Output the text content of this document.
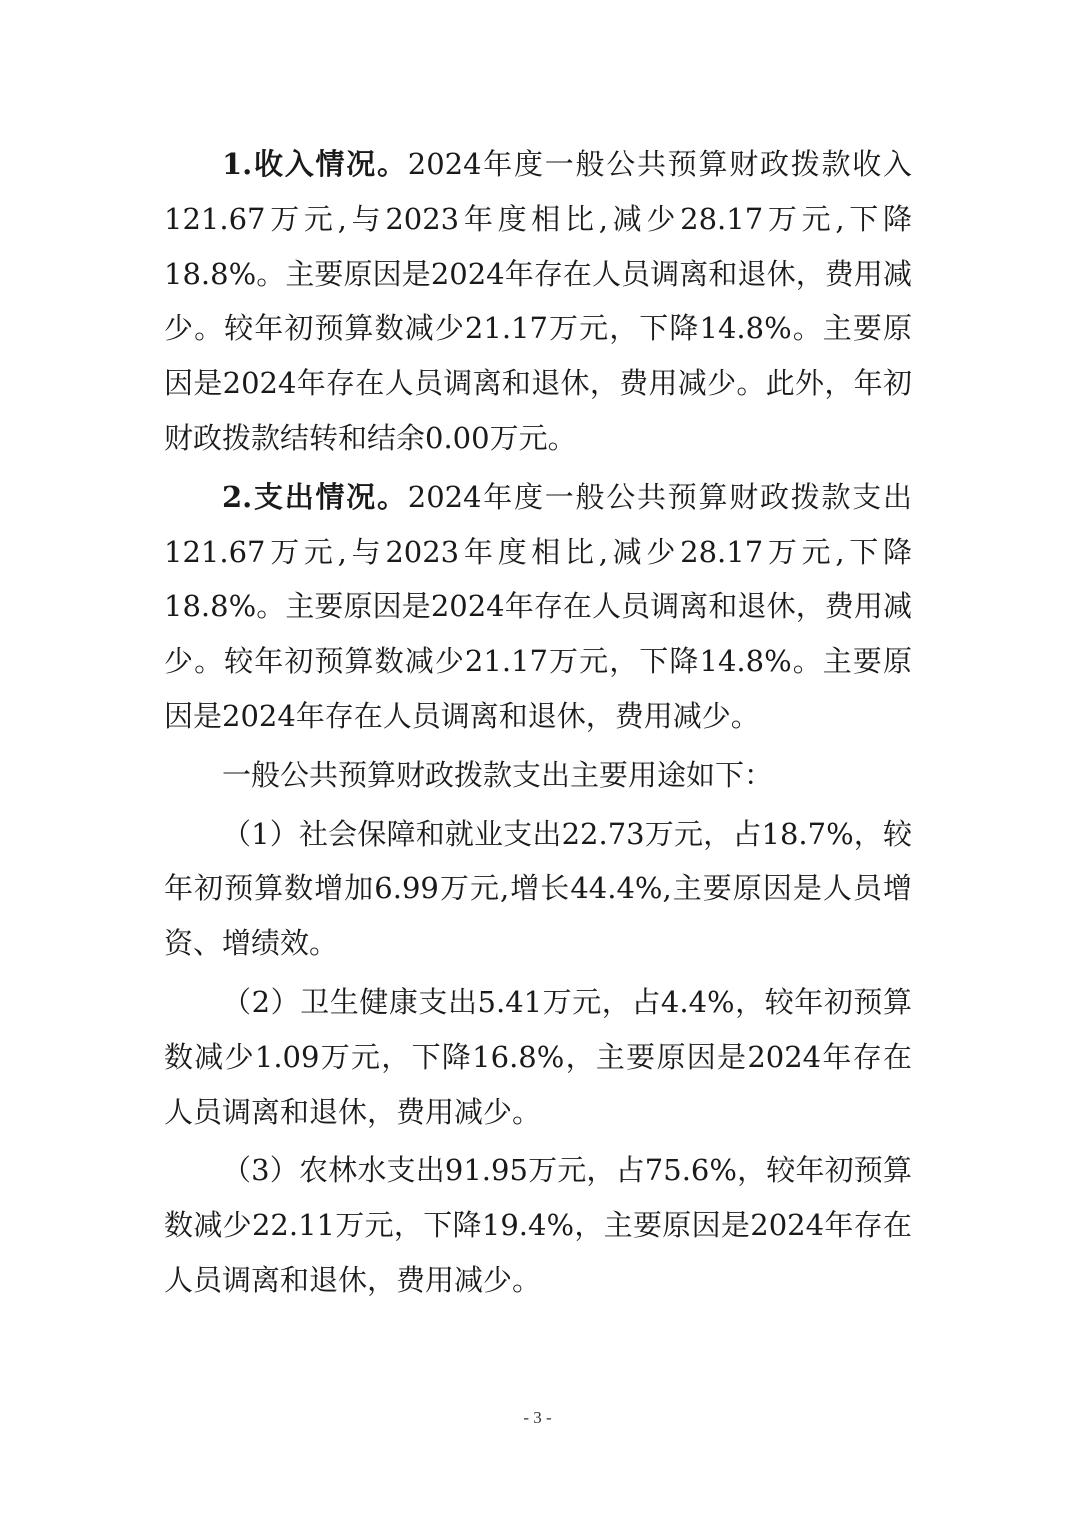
1.收入情况。2024年度一般公共预算财政拨款收入121.67万元,与2023年度相比,减少28.17万元,下降18.8%。主要原因是2024年存在人员调离和退休，费用减少。较年初预算数减少21.17万元，下降14.8%。主要原因是2024年存在人员调离和退休，费用减少。此外，年初财政拨款结转和结余0.00万元。

2.支出情况。2024年度一般公共预算财政拨款支出121.67万元,与2023年度相比,减少28.17万元,下降18.8%。主要原因是2024年存在人员调离和退休，费用减少。较年初预算数减少21.17万元，下降14.8%。主要原因是2024年存在人员调离和退休，费用减少。

一般公共预算财政拨款支出主要用途如下：

（1）社会保障和就业支出22.73万元，占18.7%，较年初预算数增加6.99万元,增长44.4%,主要原因是人员增资、增绩效。

（2）卫生健康支出5.41万元，占4.4%，较年初预算数减少1.09万元，下降16.8%，主要原因是2024年存在人员调离和退休，费用减少。

（3）农林水支出91.95万元，占75.6%，较年初预算数减少22.11万元，下降19.4%，主要原因是2024年存在人员调离和退休，费用减少。

- 3 -
